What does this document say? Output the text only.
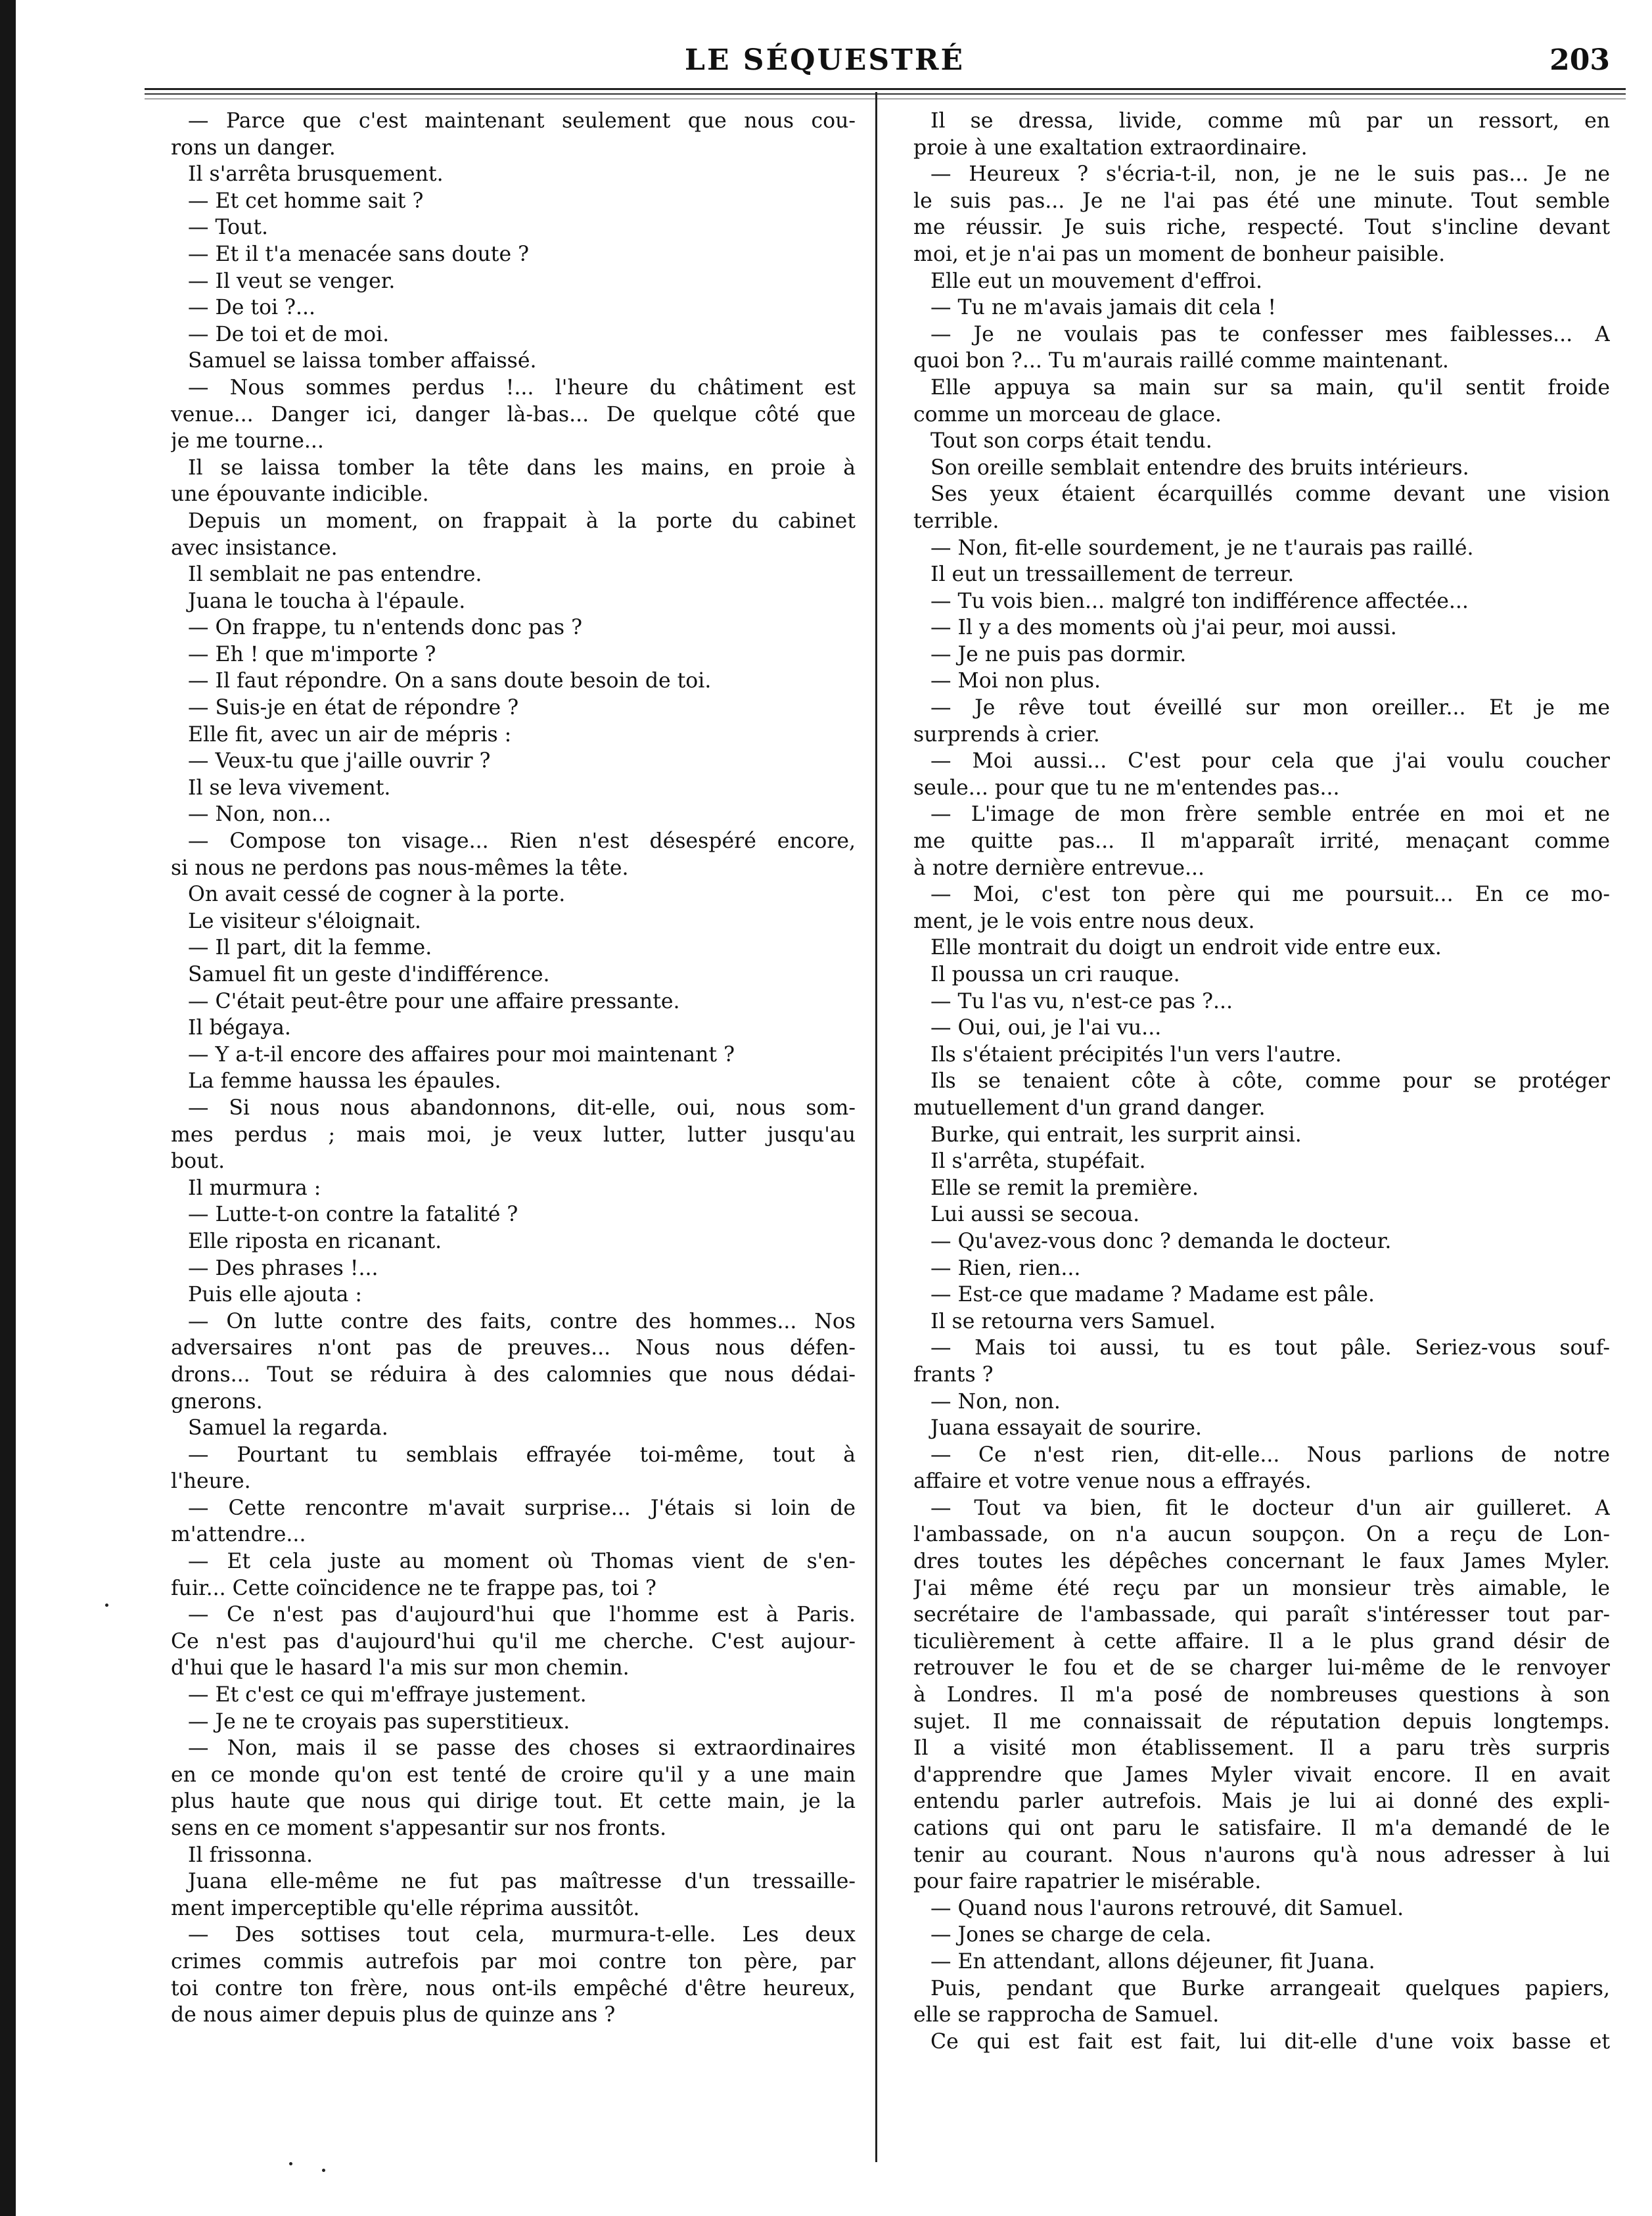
LE SÉQUESTRÉ	203
— Parce que c'est maintenant seulement que nous cou-
rons un danger.
Il s'arrêta brusquement.
— Et cet homme sait ?
— Tout.
— Et il t'a menacée sans doute ?
— Il veut se venger.
— De toi ?...
— De toi et de moi.
Samuel se laissa tomber affaissé.
— Nous sommes perdus !... l'heure du châtiment est
venue... Danger ici, danger là-bas... De quelque côté que
je me tourne...
Il se laissa tomber la tête dans les mains, en proie à
une épouvante indicible.
Depuis un moment, on frappait à la porte du cabinet
avec insistance.
Il semblait ne pas entendre.
Juana le toucha à l'épaule.
— On frappe, tu n'entends donc pas ?
— Eh ! que m'importe ?
— Il faut répondre. On a sans doute besoin de toi.
— Suis-je en état de répondre ?
Elle fit, avec un air de mépris :
— Veux-tu que j'aille ouvrir ?
Il se leva vivement.
— Non, non...
— Compose ton visage... Rien n'est désespéré encore,
si nous ne perdons pas nous-mêmes la tête.
On avait cessé de cogner à la porte.
Le visiteur s'éloignait.
— Il part, dit la femme.
Samuel fit un geste d'indifférence.
— C'était peut-être pour une affaire pressante.
Il bégaya.
— Y a-t-il encore des affaires pour moi maintenant ?
La femme haussa les épaules.
— Si nous nous abandonnons, dit-elle, oui, nous som-
mes perdus ; mais moi, je veux lutter, lutter jusqu'au
bout.
Il murmura :
— Lutte-t-on contre la fatalité ?
Elle riposta en ricanant.
— Des phrases !...
Puis elle ajouta :
— On lutte contre des faits, contre des hommes... Nos
adversaires n'ont pas de preuves... Nous nous défen-
drons... Tout se réduira à des calomnies que nous dédai-
gnerons.
Samuel la regarda.
— Pourtant tu semblais effrayée toi-même, tout à
l'heure.
— Cette rencontre m'avait surprise... J'étais si loin de
m'attendre...
— Et cela juste au moment où Thomas vient de s'en-
fuir... Cette coïncidence ne te frappe pas, toi ?
— Ce n'est pas d'aujourd'hui que l'homme est à Paris.
Ce n'est pas d'aujourd'hui qu'il me cherche. C'est aujour-
d'hui que le hasard l'a mis sur mon chemin.
— Et c'est ce qui m'effraye justement.
— Je ne te croyais pas superstitieux.
— Non, mais il se passe des choses si extraordinaires
en ce monde qu'on est tenté de croire qu'il y a une main
plus haute que nous qui dirige tout. Et cette main, je la
sens en ce moment s'appesantir sur nos fronts.
Il frissonna.
Juana elle-même ne fut pas maîtresse d'un tressaille-
ment imperceptible qu'elle réprima aussitôt.
— Des sottises tout cela, murmura-t-elle. Les deux
crimes commis autrefois par moi contre ton père, par
toi contre ton frère, nous ont-ils empêché d'être heureux,
de nous aimer depuis plus de quinze ans ?
Il se dressa, livide, comme mû par un ressort, en
proie à une exaltation extraordinaire.
— Heureux ? s'écria-t-il, non, je ne le suis pas... Je ne
le suis pas... Je ne l'ai pas été une minute. Tout semble
me réussir. Je suis riche, respecté. Tout s'incline devant
moi, et je n'ai pas un moment de bonheur paisible.
Elle eut un mouvement d'effroi.
— Tu ne m'avais jamais dit cela !
— Je ne voulais pas te confesser mes faiblesses... A
quoi bon ?... Tu m'aurais raillé comme maintenant.
Elle appuya sa main sur sa main, qu'il sentit froide
comme un morceau de glace.
Tout son corps était tendu.
Son oreille semblait entendre des bruits intérieurs.
Ses yeux étaient écarquillés comme devant une vision
terrible.
— Non, fit-elle sourdement, je ne t'aurais pas raillé.
Il eut un tressaillement de terreur.
— Tu vois bien... malgré ton indifférence affectée...
— Il y a des moments où j'ai peur, moi aussi.
— Je ne puis pas dormir.
— Moi non plus.
— Je rêve tout éveillé sur mon oreiller... Et je me
surprends à crier.
— Moi aussi... C'est pour cela que j'ai voulu coucher
seule... pour que tu ne m'entendes pas...
— L'image de mon frère semble entrée en moi et ne
me quitte pas... Il m'apparaît irrité, menaçant comme
à notre dernière entrevue...
— Moi, c'est ton père qui me poursuit... En ce mo-
ment, je le vois entre nous deux.
Elle montrait du doigt un endroit vide entre eux.
Il poussa un cri rauque.
— Tu l'as vu, n'est-ce pas ?...
— Oui, oui, je l'ai vu...
Ils s'étaient précipités l'un vers l'autre.
Ils se tenaient côte à côte, comme pour se protéger
mutuellement d'un grand danger.
Burke, qui entrait, les surprit ainsi.
Il s'arrêta, stupéfait.
Elle se remit la première.
Lui aussi se secoua.
— Qu'avez-vous donc ? demanda le docteur.
— Rien, rien...
— Est-ce que madame ? Madame est pâle.
Il se retourna vers Samuel.
— Mais toi aussi, tu es tout pâle. Seriez-vous souf-
frants ?
— Non, non.
Juana essayait de sourire.
— Ce n'est rien, dit-elle... Nous parlions de notre
affaire et votre venue nous a effrayés.
— Tout va bien, fit le docteur d'un air guilleret. A
l'ambassade, on n'a aucun soupçon. On a reçu de Lon-
dres toutes les dépêches concernant le faux James Myler.
J'ai même été reçu par un monsieur très aimable, le
secrétaire de l'ambassade, qui paraît s'intéresser tout par-
ticulièrement à cette affaire. Il a le plus grand désir de
retrouver le fou et de se charger lui-même de le renvoyer
à Londres. Il m'a posé de nombreuses questions à son
sujet. Il me connaissait de réputation depuis longtemps.
Il a visité mon établissement. Il a paru très surpris
d'apprendre que James Myler vivait encore. Il en avait
entendu parler autrefois. Mais je lui ai donné des expli-
cations qui ont paru le satisfaire. Il m'a demandé de le
tenir au courant. Nous n'aurons qu'à nous adresser à lui
pour faire rapatrier le misérable.
— Quand nous l'aurons retrouvé, dit Samuel.
— Jones se charge de cela.
— En attendant, allons déjeuner, fit Juana.
Puis, pendant que Burke arrangeait quelques papiers,
elle se rapprocha de Samuel.
Ce qui est fait est fait, lui dit-elle d'une voix basse et
